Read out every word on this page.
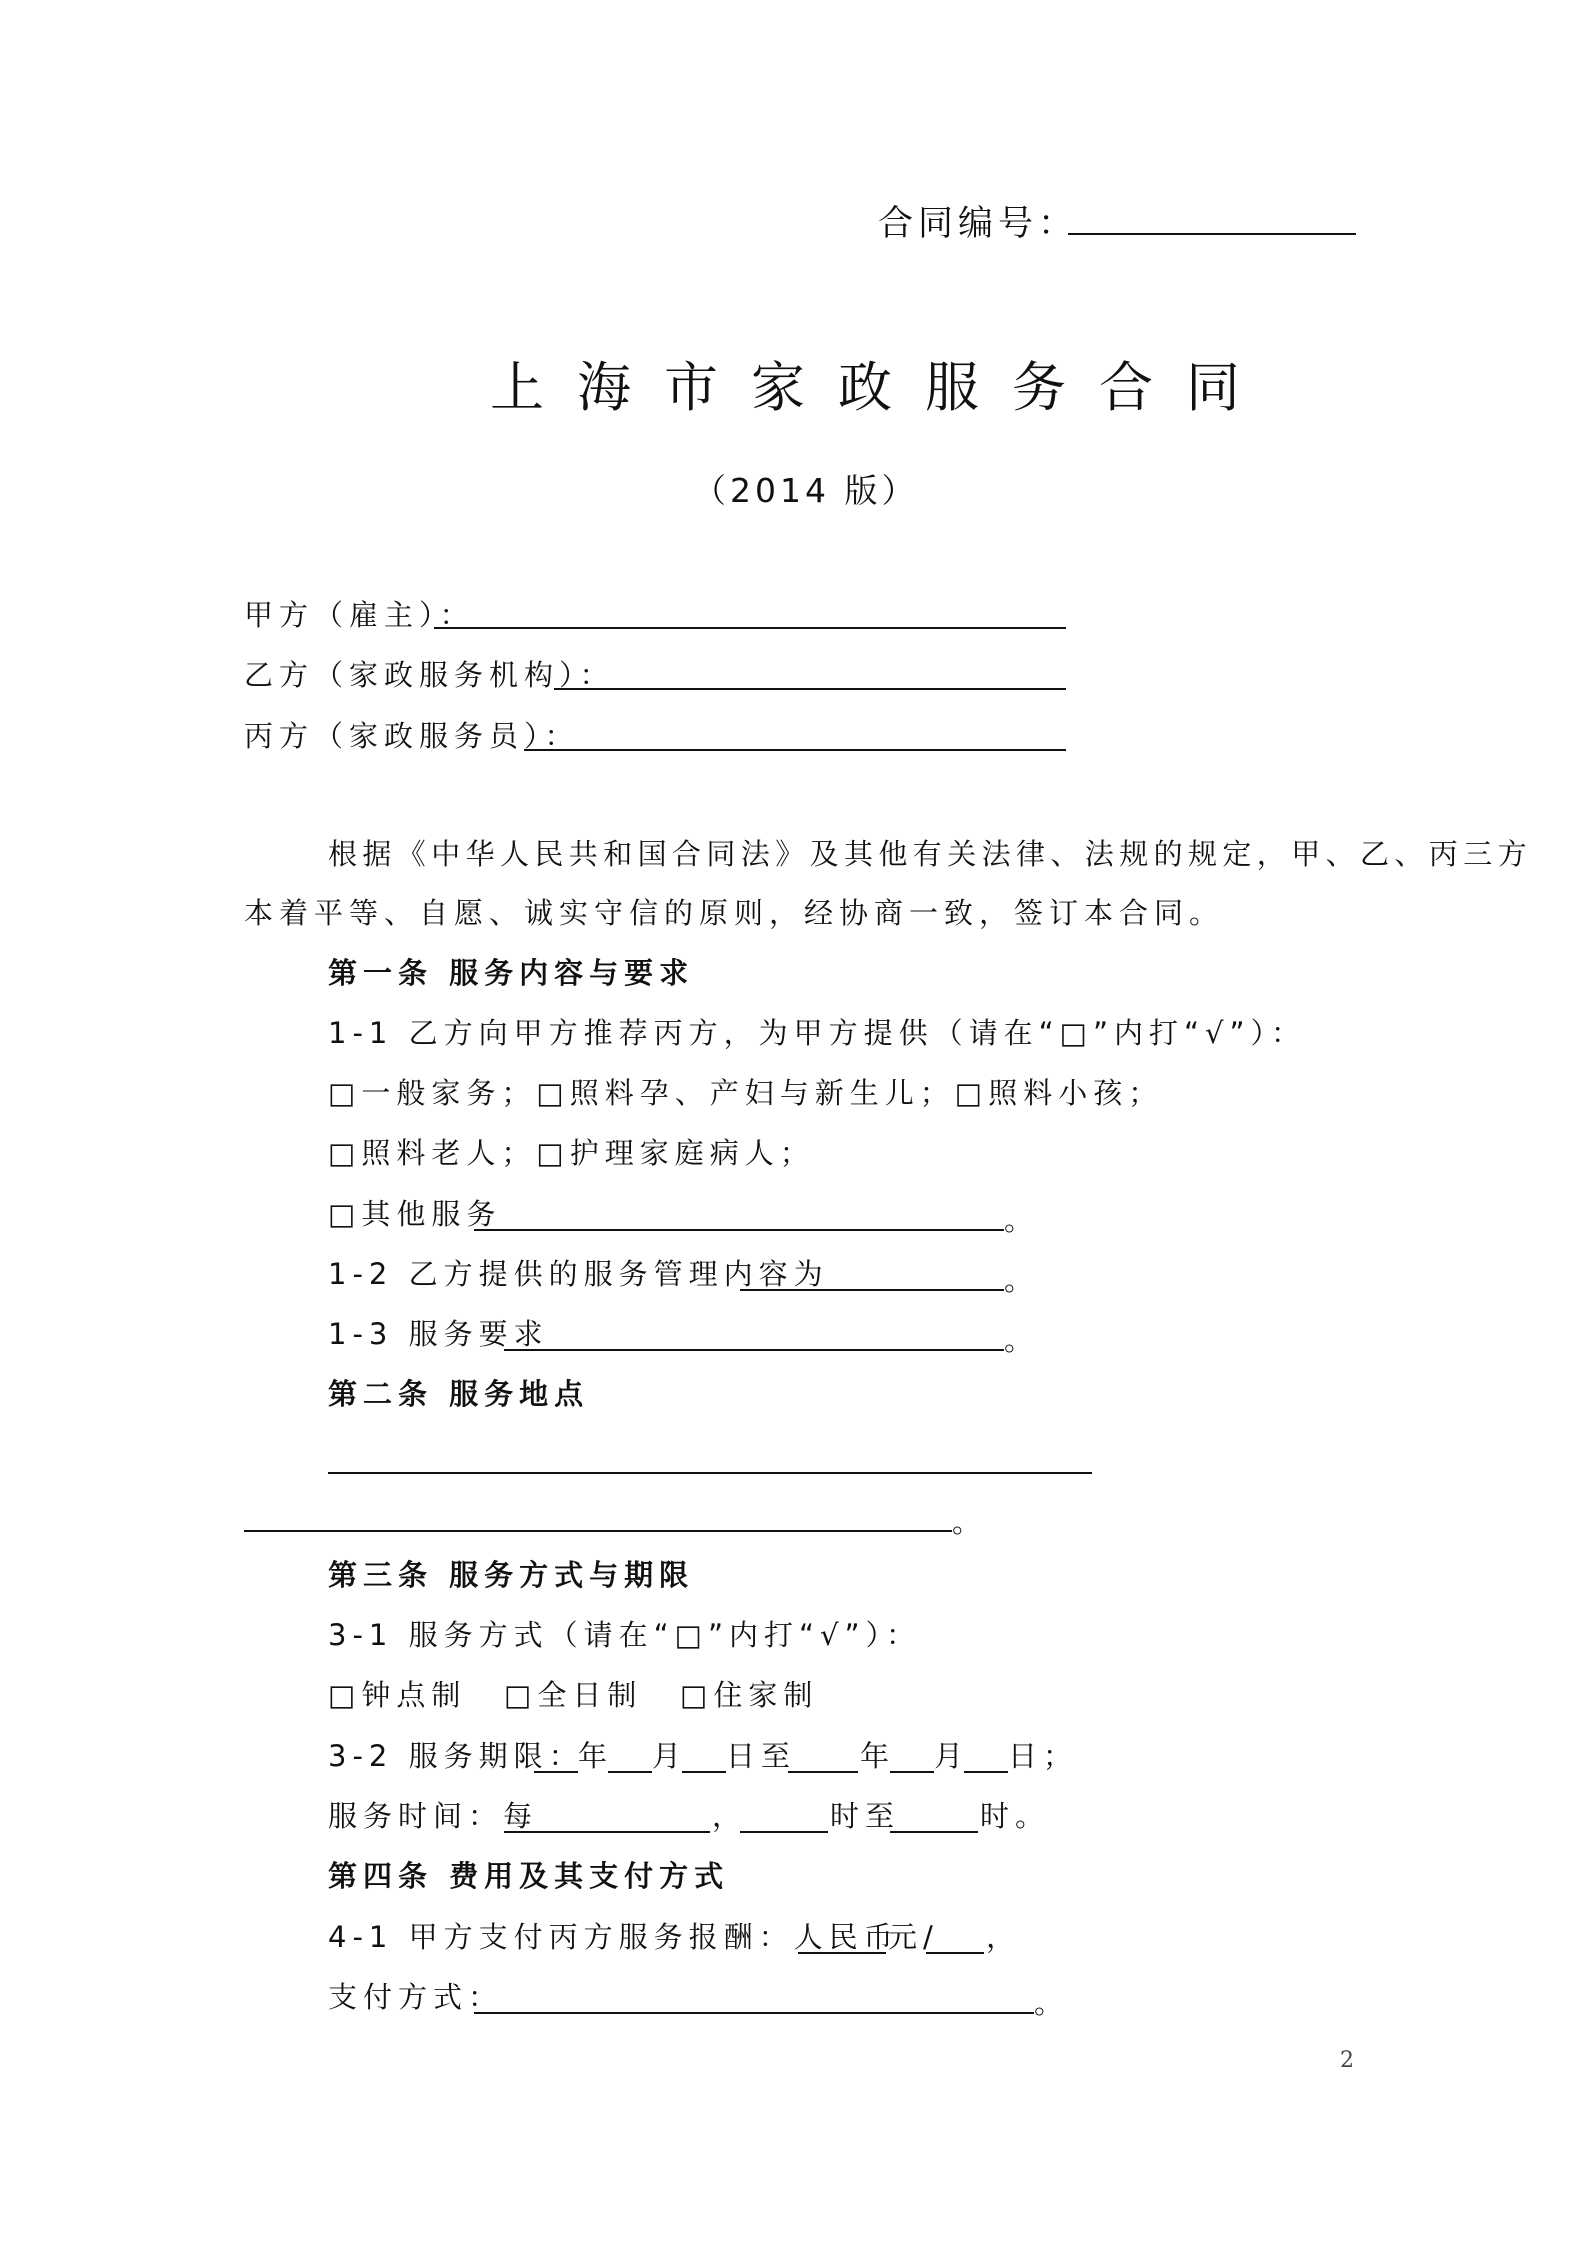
合同编号：
上海市家政服务合同
（2014 版）
甲方（雇主）：
乙方（家政服务机构）：
丙方（家政服务员）：
根据《中华人民共和国合同法》及其他有关法律、法规的规定，甲、乙、丙三方
本着平等、自愿、诚实守信的原则，经协商一致，签订本合同。
第一条 服务内容与要求
1-1 乙方向甲方推荐丙方，为甲方提供（请在“□”内打“√”）：
□一般家务；□照料孕、产妇与新生儿；□照料小孩；
□照料老人；□护理家庭病人；
□其他服务	。
1-2 乙方提供的服务管理内容为	。
1-3 服务要求	。
第二条 服务地点
。
第三条 服务方式与期限
3-1 服务方式（请在“□”内打“√”）：
□钟点制 □全日制 □住家制
3-2 服务期限：
年 月 日至 年 月 日；
服务时间：每	，	时至	时。
第四条 费用及其支付方式
4-1 甲方支付丙方服务报酬：人民币
元/ ，
支付方式：	。
2
